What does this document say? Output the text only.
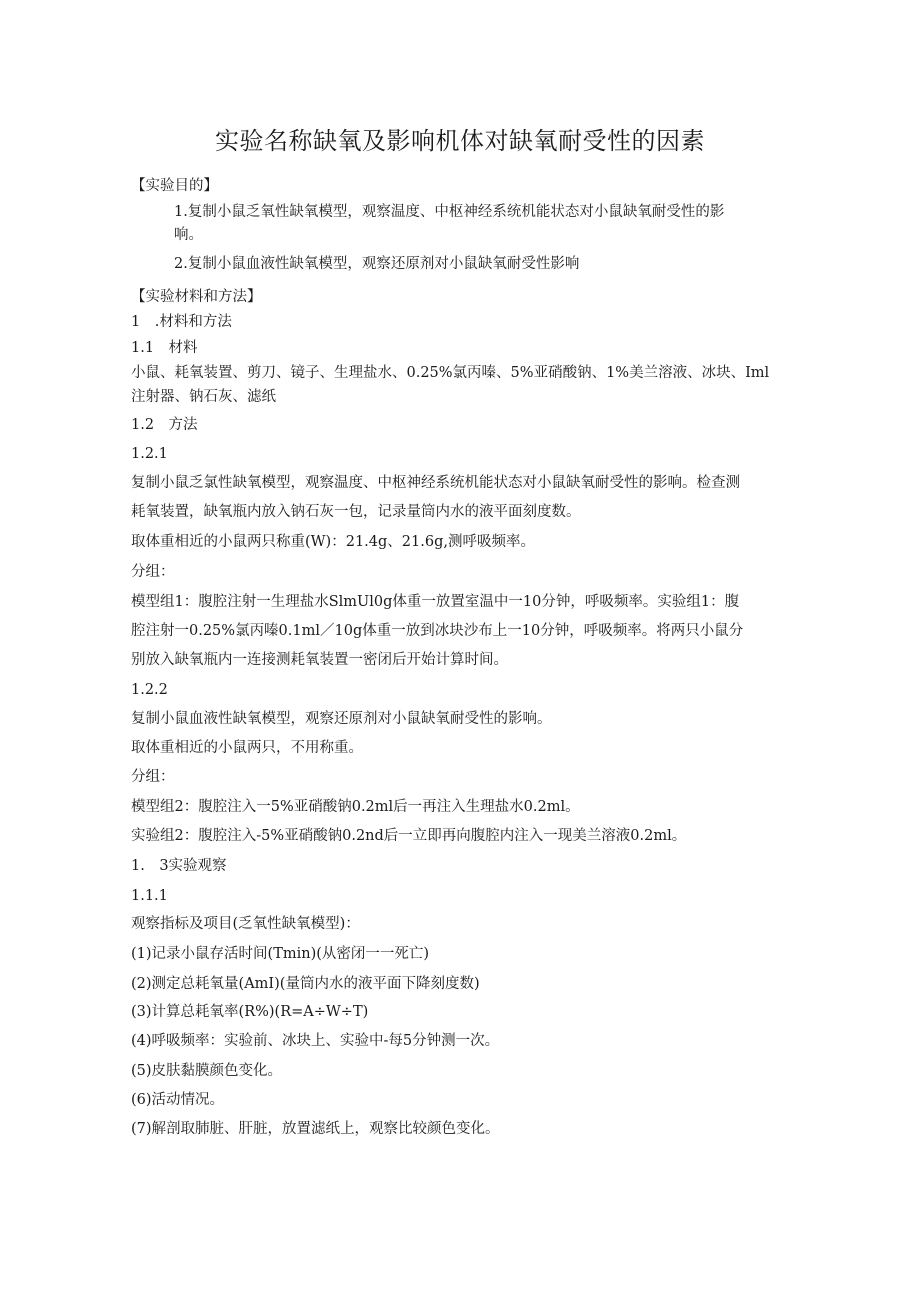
实验名称缺氧及影响机体对缺氧耐受性的因素
【实验目的】
1.复制小鼠乏氧性缺氧模型，观察温度、中枢神经系统机能状态对小鼠缺氧耐受性的影
响。
2.复制小鼠血液性缺氧模型，观察还原剂对小鼠缺氧耐受性影响
【实验材料和方法】
1　.材料和方法
1.1　材料
小鼠、耗氧装置、剪刀、镜子、生理盐水、0.25%氯丙嗪、5%亚硝酸钠、1%美兰溶液、冰块、Iml
注射器、钠石灰、滤纸
1.2　方法
1.2.1
复制小鼠乏氯性缺氧模型，观察温度、中枢神经系统机能状态对小鼠缺氧耐受性的影响。检查测
耗氧装置，缺氧瓶内放入钠石灰一包，记录量筒内水的液平面刻度数。
取体重相近的小鼠两只称重(W)：21.4g、21.6g,测呼吸频率。
分组：
模型组1：腹腔注射一生理盐水SlmUl0g体重一放置室温中一10分钟，呼吸频率。实验组1：腹
腔注射一0.25%氯丙嗪0.1ml／10g体重一放到冰块沙布上一10分钟，呼吸频率。将两只小鼠分
别放入缺氧瓶内一连接测耗氧装置一密闭后开始计算时间。
1.2.2
复制小鼠血液性缺氧模型，观察还原剂对小鼠缺氧耐受性的影响。
取体重相近的小鼠两只，不用称重。
分组：
模型组2：腹腔注入一5%亚硝酸钠0.2ml后一再注入生理盐水0.2ml。
实验组2：腹腔注入-5%亚硝酸钠0.2nd后一立即再向腹腔内注入一现美兰溶液0.2ml。
1.　3实验观察
1.1.1
观察指标及项目(乏氧性缺氧模型)：
(1)记录小鼠存活时间(Tmin)(从密闭一一死亡)
(2)测定总耗氧量(AmI)(量筒内水的液平面下降刻度数)
(3)计算总耗氧率(R%)(R=A÷W÷T)
(4)呼吸频率：实验前、冰块上、实验中-每5分钟测一次。
(5)皮肤黏膜颜色变化。
(6)活动情况。
(7)解剖取肺脏、肝脏，放置滤纸上，观察比较颜色变化。
